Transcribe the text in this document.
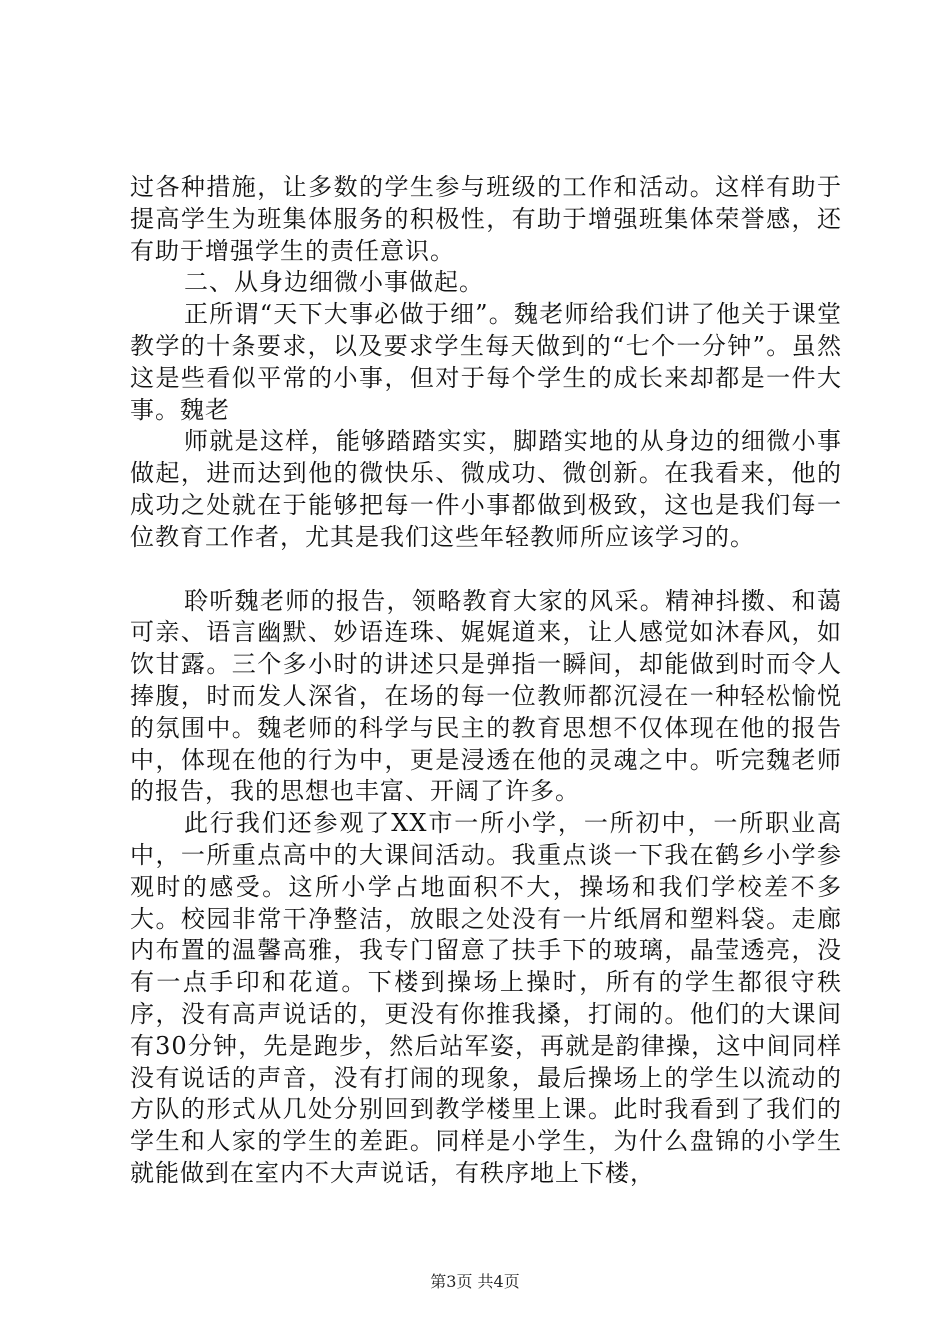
过各种措施，让多数的学生参与班级的工作和活动。这样有助于提高学生为班集体服务的积极性，有助于增强班集体荣誉感，还有助于增强学生的责任意识。

二、从身边细微小事做起。

正所谓“天下大事必做于细”。魏老师给我们讲了他关于课堂教学的十条要求，以及要求学生每天做到的“七个一分钟”。虽然这是些看似平常的小事，但对于每个学生的成长来却都是一件大事。魏老

师就是这样，能够踏踏实实，脚踏实地的从身边的细微小事做起，进而达到他的微快乐、微成功、微创新。在我看来，他的成功之处就在于能够把每一件小事都做到极致，这也是我们每一位教育工作者，尤其是我们这些年轻教师所应该学习的。

聆听魏老师的报告，领略教育大家的风采。精神抖擞、和蔼可亲、语言幽默、妙语连珠、娓娓道来，让人感觉如沐春风，如饮甘露。三个多小时的讲述只是弹指一瞬间，却能做到时而令人捧腹，时而发人深省，在场的每一位教师都沉浸在一种轻松愉悦的氛围中。魏老师的科学与民主的教育思想不仅体现在他的报告中，体现在他的行为中，更是浸透在他的灵魂之中。听完魏老师的报告，我的思想也丰富、开阔了许多。

此行我们还参观了XX市一所小学，一所初中，一所职业高中，一所重点高中的大课间活动。我重点谈一下我在鹤乡小学参观时的感受。这所小学占地面积不大，操场和我们学校差不多大。校园非常干净整洁，放眼之处没有一片纸屑和塑料袋。走廊内布置的温馨高雅，我专门留意了扶手下的玻璃，晶莹透亮，没有一点手印和花道。下楼到操场上操时，所有的学生都很守秩序，没有高声说话的，更没有你推我搡，打闹的。他们的大课间有30分钟，先是跑步，然后站军姿，再就是韵律操，这中间同样没有说话的声音，没有打闹的现象，最后操场上的学生以流动的方队的形式从几处分别回到教学楼里上课。此时我看到了我们的学生和人家的学生的差距。同样是小学生，为什么盘锦的小学生就能做到在室内不大声说话，有秩序地上下楼，

第3页 共4页
